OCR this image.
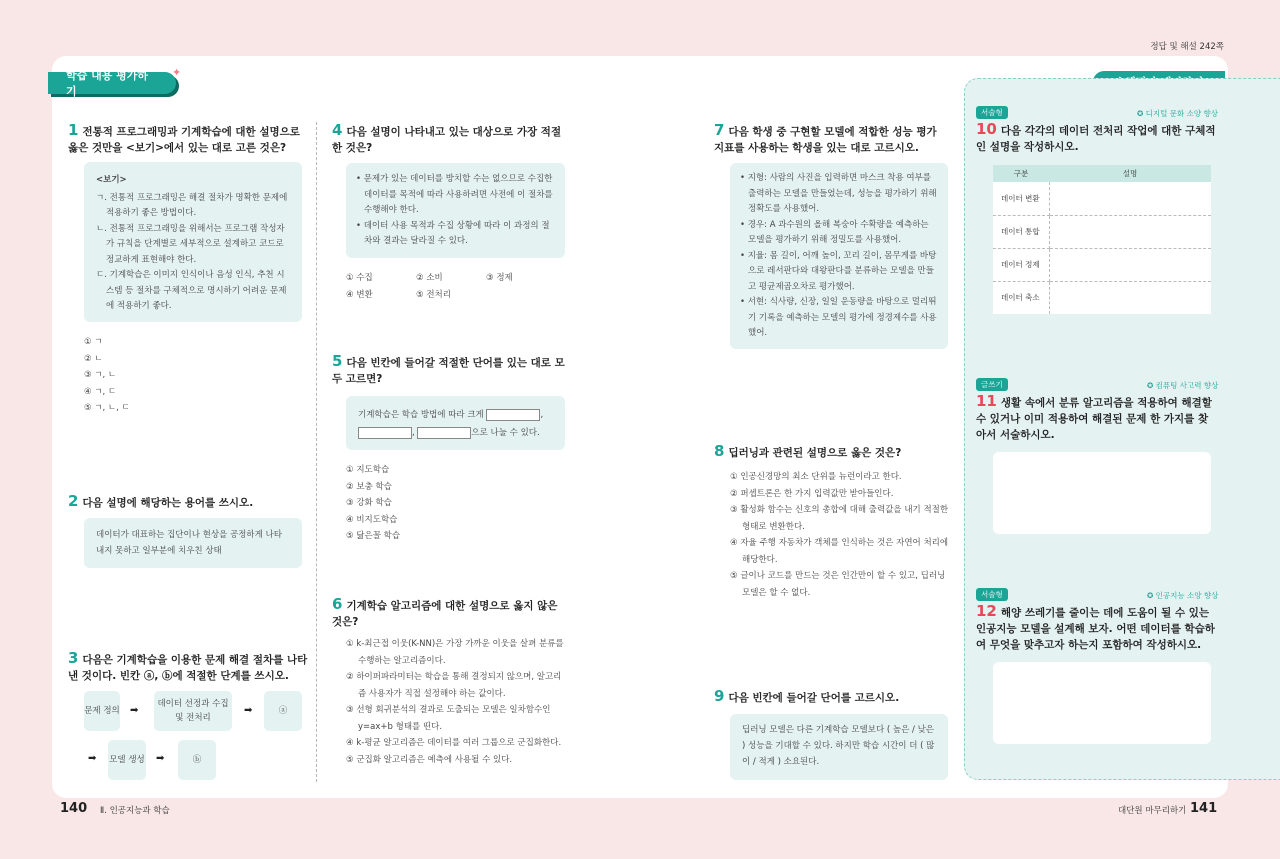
정답 및 해설 242쪽
학습 내용 평가하기
✦
1 전통적 프로그래밍과 기계학습에 대한 설명으로 옳은 것만을 <보기>에서 있는 대로 고른 것은?
<보기>
ㄱ. 전통적 프로그래밍은 해결 절차가 명확한 문제에 적용하기 좋은 방법이다.
ㄴ. 전통적 프로그래밍을 위해서는 프로그램 작성자가 규칙을 단계별로 세부적으로 설계하고 코드로 정교하게 표현해야 한다.
ㄷ. 기계학습은 이미지 인식이나 음성 인식, 추천 시스템 등 절차를 구체적으로 명시하기 어려운 문제에 적용하기 좋다.
① ㄱ
② ㄴ
③ ㄱ, ㄴ
④ ㄱ, ㄷ
⑤ ㄱ, ㄴ, ㄷ
2 다음 설명에 해당하는 용어를 쓰시오.
데이터가 대표하는 집단이나 현상을 공정하게 나타내지 못하고 일부분에 치우친 상태
3 다음은 기계학습을 이용한 문제 해결 절차를 나타낸 것이다. 빈칸 ⓐ, ⓑ에 적절한 단계를 쓰시오.
문제 정의 ➡
데이터 선정과 수집 및 전처리
➡	ⓐ
➡ 모델 생성 ➡	ⓑ
4 다음 설명이 나타내고 있는 대상으로 가장 적절한 것은?
• 문제가 있는 데이터를 방치할 수는 없으므로 수집한 데이터를 목적에 따라 사용하려면 사전에 이 절차를 수행해야 한다.
• 데이터 사용 목적과 수집 상황에 따라 이 과정의 절차와 결과는 달라질 수 있다.
① 수집	② 소비	③ 정제
④ 변환	⑤ 전처리
5 다음 빈칸에 들어갈 적절한 단어를 있는 대로 모두 고르면?
기계학습은 학습 방법에 따라 크게	,
,	으로 나눌 수 있다.
① 지도학습
② 보충 학습
③ 강화 학습
④ 비지도학습
⑤ 닮은꼴 학습
6 기계학습 알고리즘에 대한 설명으로 옳지 않은 것은?
① k-최근접 이웃(K-NN)은 가장 가까운 이웃을 살펴 분류를 수행하는 알고리즘이다.
② 하이퍼파라미터는 학습을 통해 결정되지 않으며, 알고리즘 사용자가 직접 설정해야 하는 값이다.
③ 선형 회귀분석의 결과로 도출되는 모델은 일차함수인 y=ax+b 형태를 띤다.
④ k-평균 알고리즘은 데이터를 여러 그룹으로 군집화한다.
⑤ 군집화 알고리즘은 예측에 사용될 수 있다.
7 다음 학생 중 구현할 모델에 적합한 성능 평가 지표를 사용하는 학생을 있는 대로 고르시오.
• 지형: 사람의 사진을 입력하면 마스크 착용 여부를 출력하는 모델을 만들었는데, 성능을 평가하기 위해 정확도를 사용했어.
• 경우: A 과수원의 올해 복숭아 수확량을 예측하는 모델을 평가하기 위해 정밀도를 사용했어.
• 지율: 몸 길이, 어깨 높이, 꼬리 길이, 몸무게를 바탕으로 레서판다와 대왕판다를 분류하는 모델을 만들고 평균제곱오차로 평가했어.
• 서현: 식사량, 신장, 일일 운동량을 바탕으로 멀리뛰기 기록을 예측하는 모델의 평가에 정경제수를 사용했어.
8 딥러닝과 관련된 설명으로 옳은 것은?
① 인공신경망의 최소 단위를 뉴런이라고 한다.
② 퍼셉트론은 한 가지 입력값만 받아들인다.
③ 활성화 함수는 신호의 총합에 대해 출력값을 내기 적절한 형태로 변환한다.
④ 자율 주행 자동차가 객체를 인식하는 것은 자연어 처리에 해당한다.
⑤ 글이나 코드를 만드는 것은 인간만이 할 수 있고, 딥러닝 모델은 할 수 없다.
9 다음 빈칸에 들어갈 단어를 고르시오.
딥러닝 모델은 다른 기계학습 모델보다 ( 높은 / 낮은 ) 성능을 기대할 수 있다. 하지만 학습 시간이 더 ( 많이 / 적게 ) 소요된다.
서술형	✪ 디지털 문화 소양 향상
10 다음 각각의 데이터 전처리 작업에 대한 구체적인 설명을 작성하시오.
구분	설명
데이터 변환	
데이터 통합	
데이터 정제	
데이터 축소	
글쓰기	✪ 컴퓨팅 사고력 향상
11 생활 속에서 분류 알고리즘을 적용하여 해결할 수 있거나 이미 적용하여 해결된 문제 한 가지를 찾아서 서술하시오.
서술형	✪ 인공지능 소양 향상
12 해양 쓰레기를 줄이는 데에 도움이 될 수 있는 인공지능 모델을 설계해 보자. 어떤 데이터를 학습하여 무엇을 맞추고자 하는지 포함하여 작성하시오.
140 Ⅱ. 인공지능과 학습	대단원 마무리하기 141
